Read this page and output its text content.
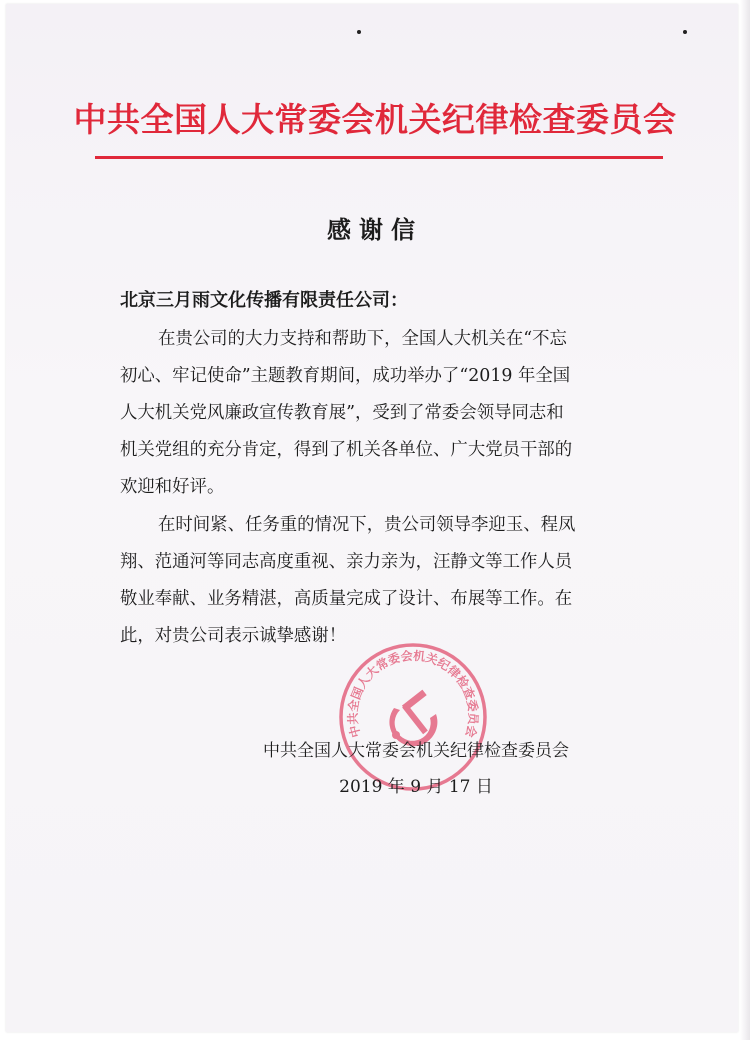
中共全国人大常委会机关纪律检查委员会
感谢信
北京三月雨文化传播有限责任公司：
在贵公司的大力支持和帮助下，全国人大机关在“不忘
初心、牢记使命”主题教育期间，成功举办了“2019 年全国
人大机关党风廉政宣传教育展”，受到了常委会领导同志和
机关党组的充分肯定，得到了机关各单位、广大党员干部的
欢迎和好评。
在时间紧、任务重的情况下，贵公司领导李迎玉、程凤
翔、范通河等同志高度重视、亲力亲为，汪静文等工作人员
敬业奉献、业务精湛，高质量完成了设计、布展等工作。在
此，对贵公司表示诚挚感谢！
中共全国人大常委会机关纪律检查委员会
中共全国人大常委会机关纪律检查委员会
2019 年 9 月 17 日
